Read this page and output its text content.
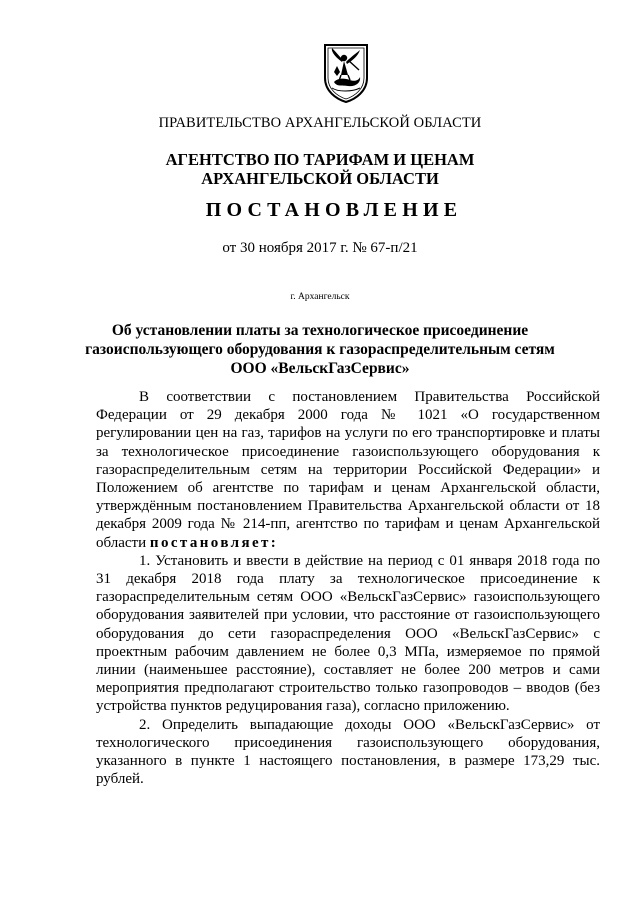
ПРАВИТЕЛЬСТВО АРХАНГЕЛЬСКОЙ ОБЛАСТИ
АГЕНТСТВО ПО ТАРИФАМ И ЦЕНАМ
АРХАНГЕЛЬСКОЙ ОБЛАСТИ
ПОСТАНОВЛЕНИЕ
от 30 ноября 2017 г. № 67-п/21
г. Архангельск
Об установлении платы за технологическое присоединение
газоиспользующего оборудования к газораспределительным сетям
ООО «ВельскГазСервис»

В соответствии с постановлением Правительства Российской Федерации от 29 декабря 2000 года № 1021 «О государственном регулировании цен на газ, тарифов на услуги по его транспортировке и платы за технологическое присоединение газоиспользующего оборудования к газораспределительным сетям на территории Российской Федерации» и Положением об агентстве по тарифам и ценам Архангельской области, утверждённым постановлением Правительства Архангельской области от 18 декабря 2009 года № 214-пп, агентство по тарифам и ценам Архангельской области постановляет:

1. Установить и ввести в действие на период с 01 января 2018 года по 31 декабря 2018 года плату за технологическое присоединение к газораспределительным сетям ООО «ВельскГазСервис» газоиспользующего оборудования заявителей при условии, что расстояние от газоиспользующего оборудования до сети газораспределения ООО «ВельскГазСервис» с проектным рабочим давлением не более 0,3 МПа, измеряемое по прямой линии (наименьшее расстояние), составляет не более 200 метров и сами мероприятия предполагают строительство только газопроводов – вводов (без устройства пунктов редуцирования газа), согласно приложению.

2. Определить выпадающие доходы ООО «ВельскГазСервис» от технологического присоединения газоиспользующего оборудования, указанного в пункте 1 настоящего постановления, в размере 173,29 тыс. рублей.
